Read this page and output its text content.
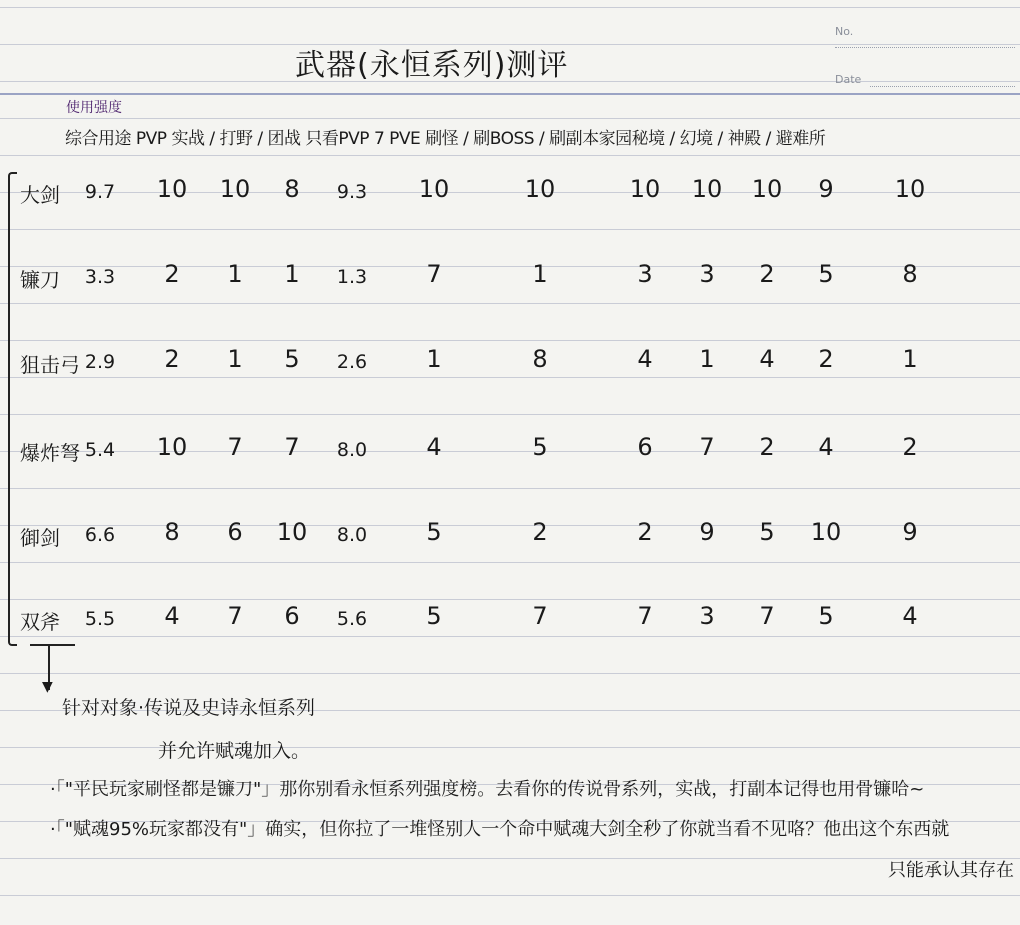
No.
Date
武器(永恒系列)测评
使用强度
综合用途 PVP 实战 / 打野 / 团战 只看PVP 7 PVE 刷怪 / 刷BOSS / 刷副本家园秘境 / 幻境 / 神殿 / 避难所
大剑 9.7 10 10 8 9.3 10	10	10 10 10 9	10
镰刀 3.3 2 1 1 1.3 7	1	3 3 2 5	8
狙击弓 2.9 2 1 5 2.6 1	8	4 1 4 2	1
爆炸弩 5.4 10 7 7 8.0 4	5	6 7 2 4	2
御剑 6.6 8 6 10 8.0 5	2	2 9 5 10	9
双斧 5.5 4 7 6 5.6 5	7	7 3 7 5	4
▼
针对对象·传说及史诗永恒系列
并允许赋魂加入。
·「"平民玩家刷怪都是镰刀"」那你别看永恒系列强度榜。去看你的传说骨系列，实战，打副本记得也用骨镰哈~
·「"赋魂95%玩家都没有"」确实，但你拉了一堆怪别人一个命中赋魂大剑全秒了你就当看不见咯？他出这个东西就
只能承认其存在
